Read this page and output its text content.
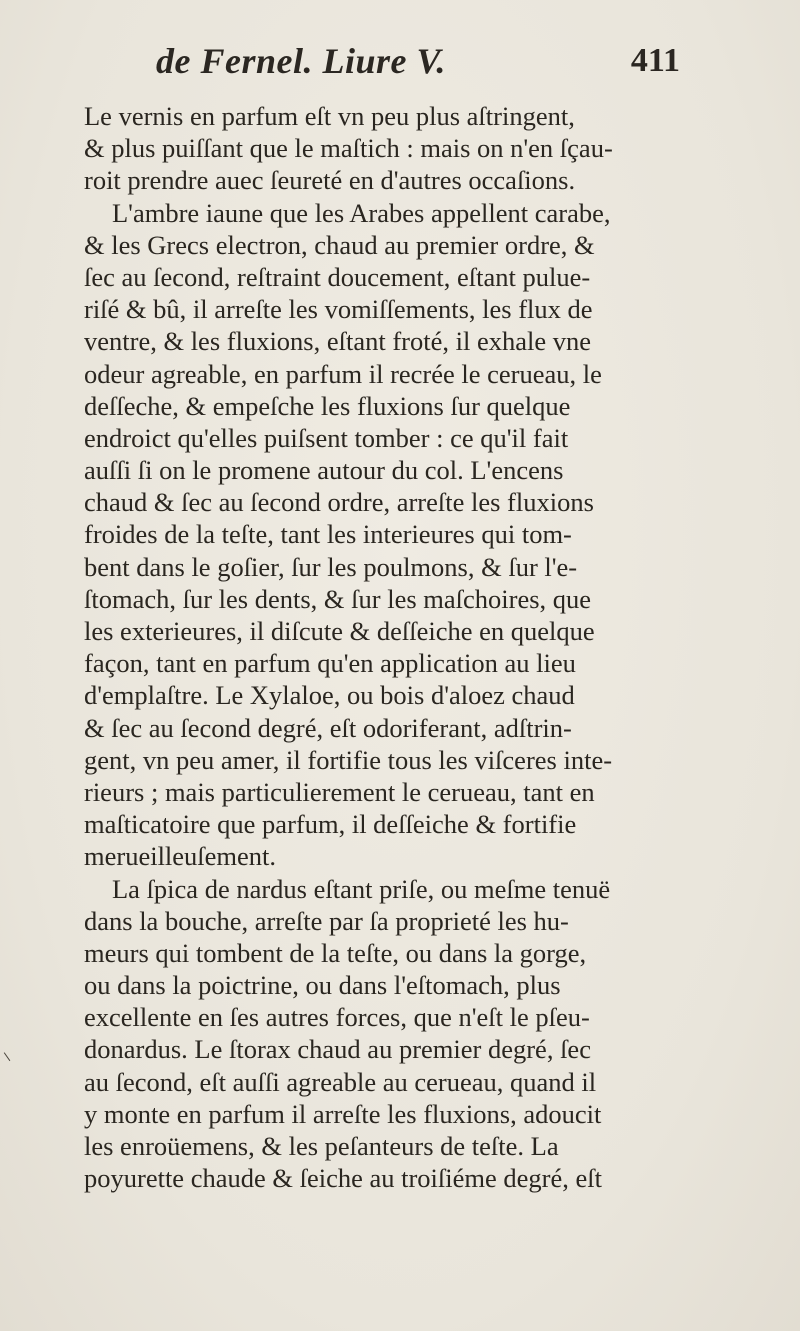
de Fernel. Liure V.	411
Le vernis en parfum eſt vn peu plus aſtringent,
& plus puiſſant que le maſtich : mais on n'en ſçau-
roit prendre auec ſeureté en d'autres occaſions.
L'ambre iaune que les Arabes appellent carabe,
& les Grecs electron, chaud au premier ordre, &
ſec au ſecond, reſtraint doucement, eſtant pulue-
riſé & bû, il arreſte les vomiſſements, les flux de
ventre, & les fluxions, eſtant froté, il exhale vne
odeur agreable, en parfum il recrée le cerueau, le
deſſeche, & empeſche les fluxions ſur quelque
endroict qu'elles puiſsent tomber : ce qu'il fait
auſſi ſi on le promene autour du col. L'encens
chaud & ſec au ſecond ordre, arreſte les fluxions
froides de la teſte, tant les interieures qui tom-
bent dans le goſier, ſur les poulmons, & ſur l'e-
ſtomach, ſur les dents, & ſur les maſchoires, que
les exterieures, il diſcute & deſſeiche en quelque
façon, tant en parfum qu'en application au lieu
d'emplaſtre. Le Xylaloe, ou bois d'aloez chaud
& ſec au ſecond degré, eſt odoriferant, adſtrin-
gent, vn peu amer, il fortifie tous les viſceres inte-
rieurs ; mais particulierement le cerueau, tant en
maſticatoire que parfum, il deſſeiche & fortifie
merueilleuſement.
La ſpica de nardus eſtant priſe, ou meſme tenuë
dans la bouche, arreſte par ſa proprieté les hu-
meurs qui tombent de la teſte, ou dans la gorge,
ou dans la poictrine, ou dans l'eſtomach, plus
excellente en ſes autres forces, que n'eſt le pſeu-
donardus. Le ſtorax chaud au premier degré, ſec
au ſecond, eſt auſſi agreable au cerueau, quand il
y monte en parfum il arreſte les fluxions, adoucit
les enroüemens, & les peſanteurs de teſte. La
poyurette chaude & ſeiche au troiſiéme degré, eſt
